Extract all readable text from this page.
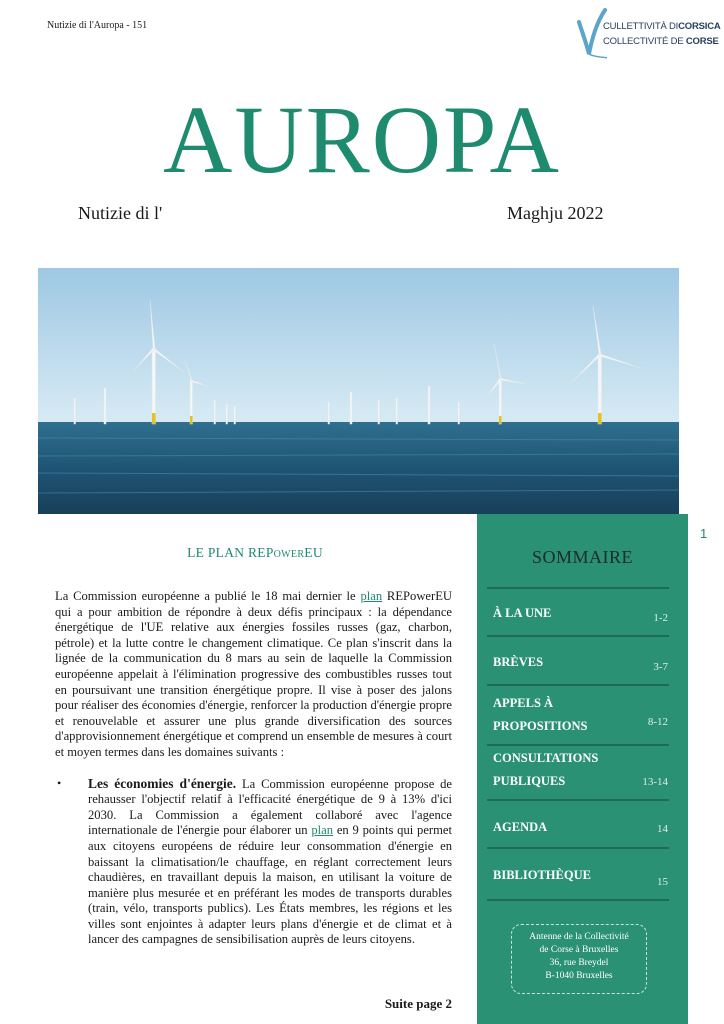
Nutizie di l'Auropa - 151	CULLETTIVITÀ DICORSICA
COLLECTIVITÉ DE CORSE
AUROPA
Nutizie di l'	Maghju 2022
LE PLAN REPOWEREU

La Commission européenne a publié le 18 mai dernier le plan REPowerEU qui a pour ambition de répondre à deux défis principaux : la dépendance énergétique de l'UE relative aux énergies fossiles russes (gaz, charbon, pétrole) et la lutte contre le changement climatique. Ce plan s'inscrit dans la lignée de la communication du 8 mars au sein de laquelle la Commission européenne appelait à l'élimination progressive des combustibles russes tout en poursuivant une transition énergétique propre. Il vise à poser des jalons pour réaliser des économies d'énergie, renforcer la production d'énergie propre et renouvelable et assurer une plus grande diversification des sources d'approvisionnement énergétique et comprend un ensemble de mesures à court et moyen termes dans les domaines suivants :

• Les économies d'énergie. La Commission européenne propose de rehausser l'objectif relatif à l'efficacité énergétique de 9 à 13% d'ici 2030. La Commission a également collaboré avec l'agence internationale de l'énergie pour élaborer un plan en 9 points qui permet aux citoyens européens de réduire leur consommation d'énergie en baissant la climatisation/le chauffage, en réglant correctement leurs chaudières, en travaillant depuis la maison, en utilisant la voiture de manière plus mesurée et en préférant les modes de transports durables (train, vélo, transports publics). Les États membres, les régions et les villes sont enjointes à adapter leurs plans d'énergie et de climat et à lancer des campagnes de sensibilisation auprès de leurs citoyens.
Suite page 2
1
SOMMAIRE
À LA UNE	1-2
BRÈVES	3-7
APPELS À
PROPOSITIONS	8-12
CONSULTATIONS
PUBLIQUES	13-14
AGENDA	14
BIBLIOTHÈQUE	15
Antenne de la Collectivité
de Corse à Bruxelles
36, rue Breydel
B-1040 Bruxelles
